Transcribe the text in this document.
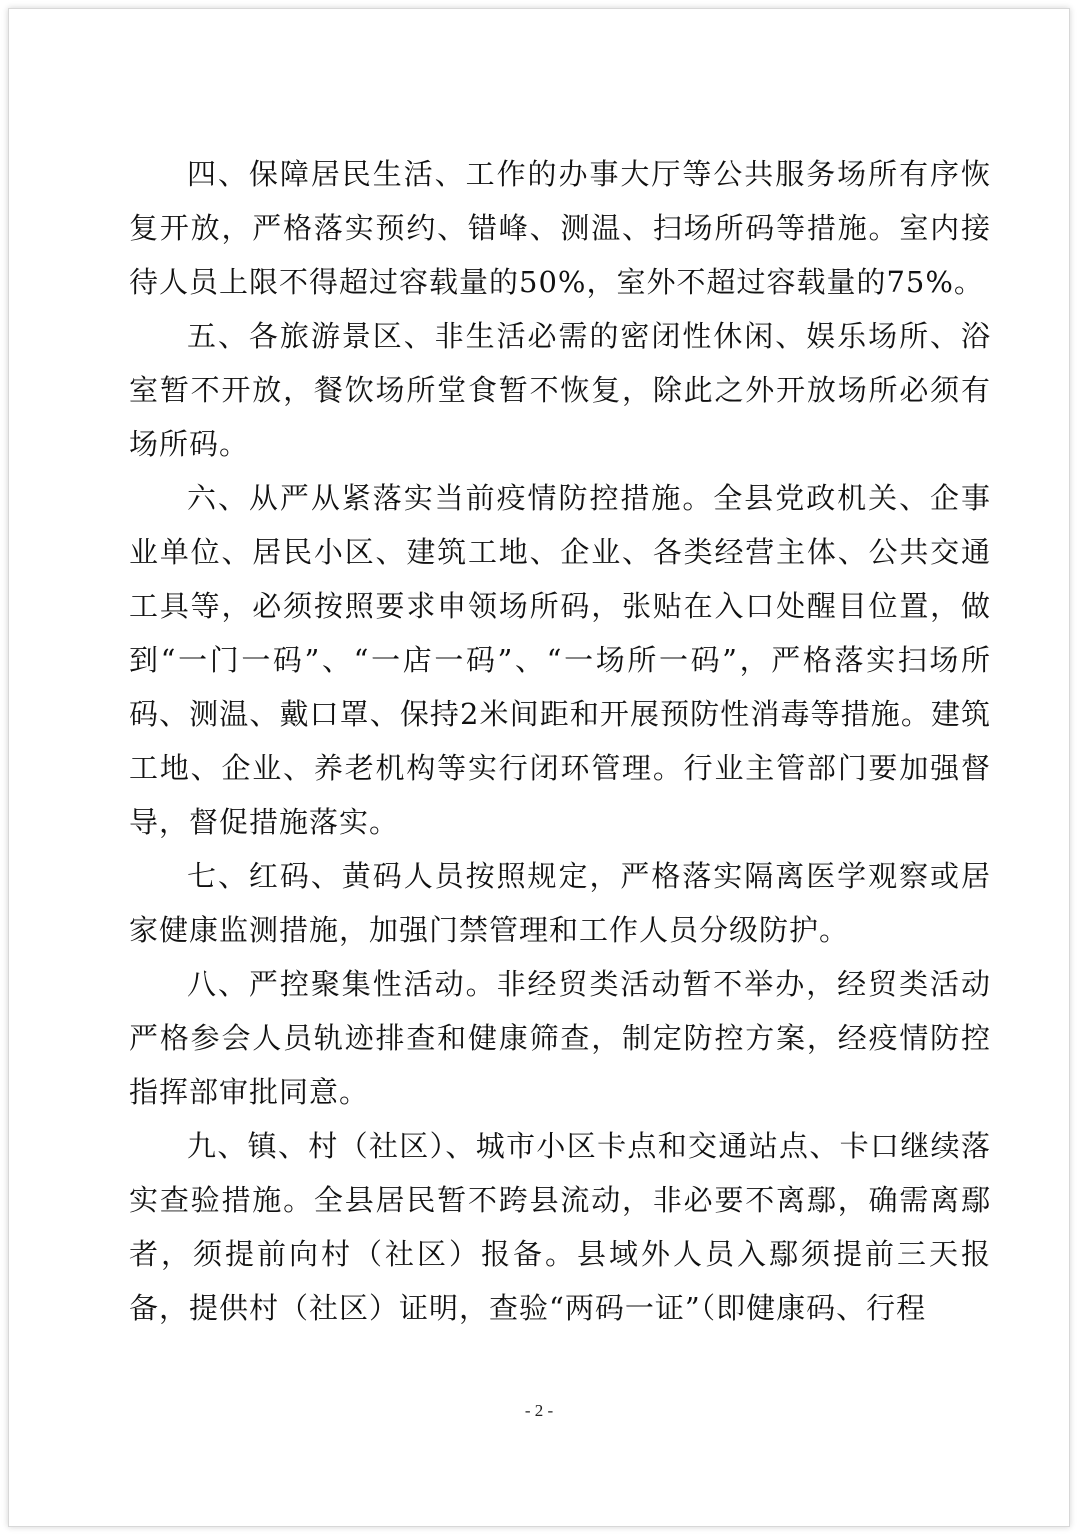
四、保障居民生活、工作的办事大厅等公共服务场所有序恢复开放，严格落实预约、错峰、测温、扫场所码等措施。室内接待人员上限不得超过容载量的50%，室外不超过容载量的75%。

五、各旅游景区、非生活必需的密闭性休闲、娱乐场所、浴室暂不开放，餐饮场所堂食暂不恢复，除此之外开放场所必须有场所码。

六、从严从紧落实当前疫情防控措施。全县党政机关、企事业单位、居民小区、建筑工地、企业、各类经营主体、公共交通工具等，必须按照要求申领场所码，张贴在入口处醒目位置，做到“一门一码”、“一店一码”、“一场所一码”，严格落实扫场所码、测温、戴口罩、保持2米间距和开展预防性消毒等措施。建筑工地、企业、养老机构等实行闭环管理。行业主管部门要加强督导，督促措施落实。

七、红码、黄码人员按照规定，严格落实隔离医学观察或居家健康监测措施，加强门禁管理和工作人员分级防护。

八、严控聚集性活动。非经贸类活动暂不举办，经贸类活动严格参会人员轨迹排查和健康筛查，制定防控方案，经疫情防控指挥部审批同意。

九、镇、村（社区）、城市小区卡点和交通站点、卡口继续落实查验措施。全县居民暂不跨县流动，非必要不离鄢，确需离鄢者，须提前向村（社区）报备。县域外人员入鄢须提前三天报备，提供村（社区）证明，查验“两码一证”（即健康码、行程

- 2 -
